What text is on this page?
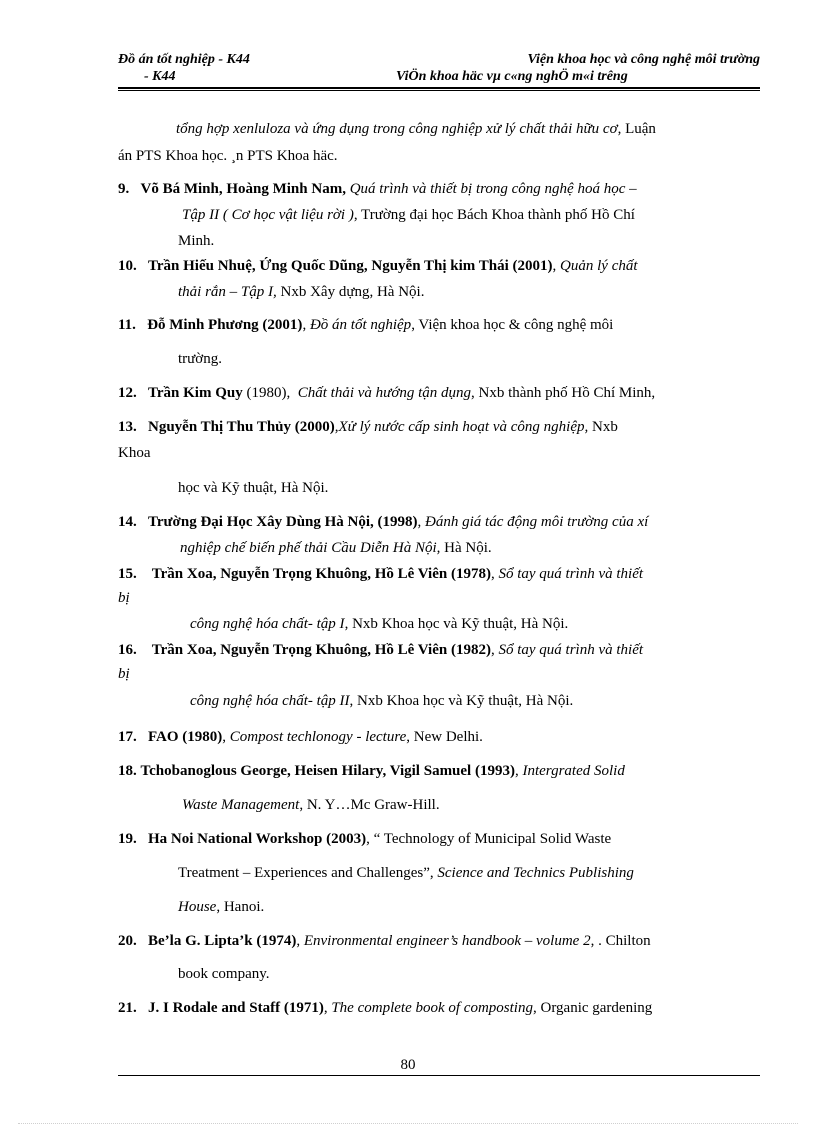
Đồ án tốt nghiệp - K44	Viện khoa học và công nghệ môi trường
- K44	ViÖn khoa häc vµ c«ng nghÖ m«i trêng
tổng hợp xenluloza và ứng dụng trong công nghiệp xử lý chất thải hữu cơ, Luận
án PTS Khoa học. ¸n PTS Khoa häc.
9. Võ Bá Minh, Hoàng Minh Nam, Quá trình và thiết bị trong công nghệ hoá học –
Tập II ( Cơ học vật liệu rời ), Trường đại học Bách Khoa thành phố Hồ Chí
Minh.
10. Trần Hiếu Nhuệ, Ứng Quốc Dũng, Nguyễn Thị kim Thái (2001), Quản lý chất
thải rắn – Tập I, Nxb Xây dựng, Hà Nội.
11. Đỗ Minh Phương (2001), Đồ án tốt nghiệp, Viện khoa học & công nghệ môi
trường.
12. Trần Kim Quy (1980), Chất thải và hướng tận dụng, Nxb thành phố Hồ Chí Minh,
13. Nguyễn Thị Thu Thủy (2000),Xử lý nước cấp sinh hoạt và công nghiệp, Nxb
Khoa
học và Kỹ thuật, Hà Nội.
14. Trường Đại Học Xây Dùng Hà Nội, (1998), Đánh giá tác động môi trường của xí
nghiệp chế biến phế thải Cầu Diễn Hà Nội, Hà Nội.
15. Trần Xoa, Nguyễn Trọng Khuông, Hồ Lê Viên (1978), Sổ tay quá trình và thiết
bị
công nghệ hóa chất- tập I, Nxb Khoa học và Kỹ thuật, Hà Nội.
16. Trần Xoa, Nguyễn Trọng Khuông, Hồ Lê Viên (1982), Sổ tay quá trình và thiết
bị
công nghệ hóa chất- tập II, Nxb Khoa học và Kỹ thuật, Hà Nội.
17. FAO (1980), Compost techlonogy - lecture, New Delhi.
18. Tchobanoglous George, Heisen Hilary, Vigil Samuel (1993), Intergrated Solid
Waste Management, N. Y…Mc Graw-Hill.
19. Ha Noi National Workshop (2003), “ Technology of Municipal Solid Waste
Treatment – Experiences and Challenges”, Science and Technics Publishing
House, Hanoi.
20. Be’la G. Lipta’k (1974), Environmental engineer’s handbook – volume 2, . Chilton
book company.
21. J. I Rodale and Staff (1971), The complete book of composting, Organic gardening
80
